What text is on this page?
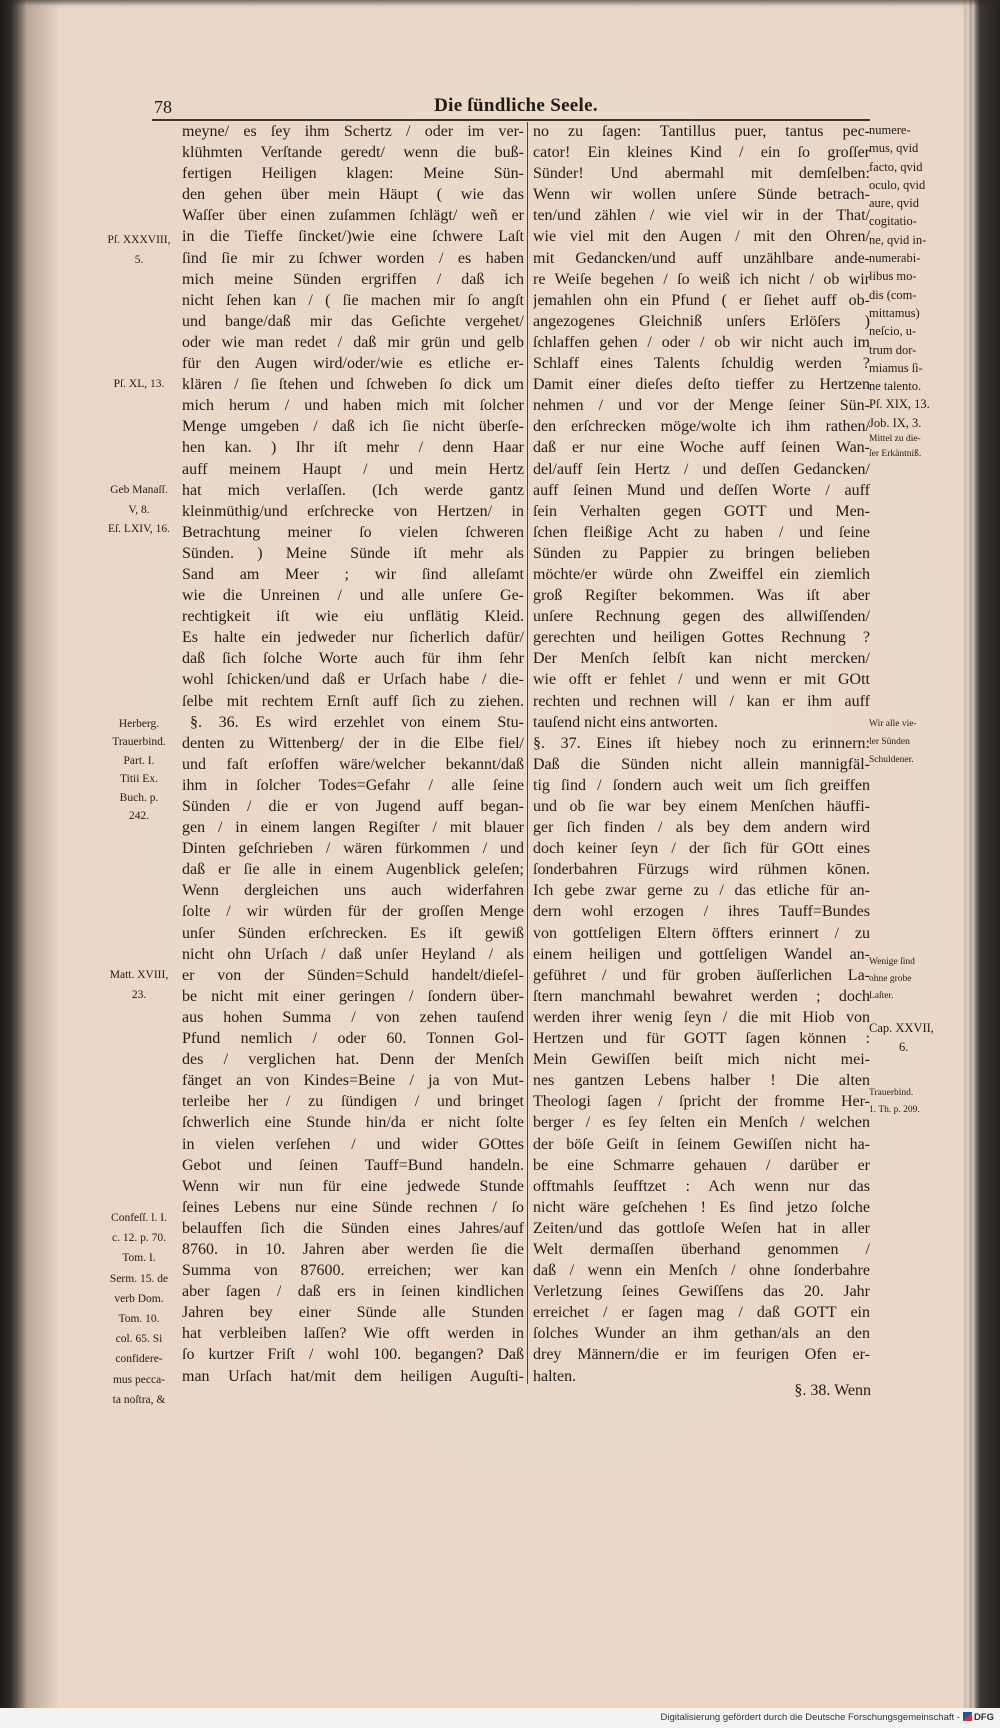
78	Die ſündliche Seele.
meyne/ es ſey ihm Schertz / oder im ver-
klühmten Verſtande geredt/ wenn die buß-
fertigen Heiligen klagen: Meine Sün-
den gehen über mein Häupt ( wie das
Waſſer über einen zuſammen ſchlägt/ weñ er
in die Tieffe ſincket/)wie eine ſchwere Laſt
ſind ſie mir zu ſchwer worden / es haben
mich meine Sünden ergriffen / daß ich
nicht ſehen kan / ( ſie machen mir ſo angſt
und bange/daß mir das Geſichte vergehet/
oder wie man redet / daß mir grün und gelb
für den Augen wird/oder/wie es etliche er-
klären / ſie ſtehen und ſchweben ſo dick um
mich herum / und haben mich mit ſolcher
Menge umgeben / daß ich ſie nicht überſe-
hen kan. ) Ihr iſt mehr / denn Haar
auff meinem Haupt / und mein Hertz
hat mich verlaſſen. (Ich werde gantz
kleinmüthig/und erſchrecke von Hertzen/ in
Betrachtung meiner ſo vielen ſchweren
Sünden. ) Meine Sünde iſt mehr als
Sand am Meer ; wir ſind alleſamt
wie die Unreinen / und alle unſere Ge-
rechtigkeit iſt wie eiu unflätig Kleid.
Es halte ein jedweder nur ſicherlich dafür/
daß ſich ſolche Worte auch für ihm ſehr
wohl ſchicken/und daß er Urſach habe / die-
ſelbe mit rechtem Ernſt auff ſich zu ziehen.
§. 36. Es wird erzehlet von einem Stu-
denten zu Wittenberg/ der in die Elbe fiel/
und faſt erſoffen wäre/welcher bekannt/daß
ihm in ſolcher Todes=Gefahr / alle ſeine
Sünden / die er von Jugend auff began-
gen / in einem langen Regiſter / mit blauer
Dinten geſchrieben / wären fürkommen / und
daß er ſie alle in einem Augenblick geleſen;
Wenn dergleichen uns auch widerfahren
ſolte / wir würden für der groſſen Menge
unſer Sünden erſchrecken. Es iſt gewiß
nicht ohn Urſach / daß unſer Heyland / als
er von der Sünden=Schuld handelt/dieſel-
be nicht mit einer geringen / ſondern über-
aus hohen Summa / von zehen tauſend
Pfund nemlich / oder 60. Tonnen Gol-
des / verglichen hat. Denn der Menſch
fänget an von Kindes=Beine / ja von Mut-
terleibe her / zu ſündigen / und bringet
ſchwerlich eine Stunde hin/da er nicht ſolte
in vielen verſehen / und wider GOttes
Gebot und ſeinen Tauff=Bund handeln.
Wenn wir nun für eine jedwede Stunde
ſeines Lebens nur eine Sünde rechnen / ſo
belauffen ſich die Sünden eines Jahres/auf
8760. in 10. Jahren aber werden ſie die
Summa von 87600. erreichen; wer kan
aber ſagen / daß ers in ſeinen kindlichen
Jahren bey einer Sünde alle Stunden
hat verbleiben laſſen? Wie offt werden in
ſo kurtzer Friſt / wohl 100. begangen? Daß
man Urſach hat/mit dem heiligen Auguſti-
no zu ſagen: Tantillus puer, tantus pec-
cator! Ein kleines Kind / ein ſo groſſer
Sünder! Und abermahl mit demſelben:
Wenn wir wollen unſere Sünde betrach-
ten/und zählen / wie viel wir in der That/
wie viel mit den Augen / mit den Ohren/
mit Gedancken/und auff unzählbare ande-
re Weiſe begehen / ſo weiß ich nicht / ob wir
jemahlen ohn ein Pfund ( er ſiehet auff ob-
angezogenes Gleichniß unſers Erlöſers )
ſchlaffen gehen / oder / ob wir nicht auch im
Schlaff eines Talents ſchuldig werden ?
Damit einer dieſes deſto tieffer zu Hertzen
nehmen / und vor der Menge ſeiner Sün-
den erſchrecken möge/wolte ich ihm rathen/
daß er nur eine Woche auff ſeinen Wan-
del/auff ſein Hertz / und deſſen Gedancken/
auff ſeinen Mund und deſſen Worte / auff
ſein Verhalten gegen GOTT und Men-
ſchen fleißige Acht zu haben / und ſeine
Sünden zu Pappier zu bringen belieben
möchte/er würde ohn Zweiffel ein ziemlich
groß Regiſter bekommen. Was iſt aber
unſere Rechnung gegen des allwiſſenden/
gerechten und heiligen Gottes Rechnung ?
Der Menſch ſelbſt kan nicht mercken/
wie offt er fehlet / und wenn er mit GOtt
rechten und rechnen will / kan er ihm auff
tauſend nicht eins antworten.
§. 37. Eines iſt hiebey noch zu erinnern:
Daß die Sünden nicht allein mannigfäl-
tig ſind / ſondern auch weit um ſich greiffen
und ob ſie war bey einem Menſchen häuffi-
ger ſich finden / als bey dem andern wird
doch keiner ſeyn / der ſich für GOtt eines
ſonderbahren Fürzugs wird rühmen kōnen.
Ich gebe zwar gerne zu / das etliche für an-
dern wohl erzogen / ihres Tauff=Bundes
von gottſeligen Eltern öffters erinnert / zu
einem heiligen und gottſeligen Wandel an-
geführet / und für groben äuſſerlichen La-
ſtern manchmahl bewahret werden ; doch
werden ihrer wenig ſeyn / die mit Hiob von
Hertzen und für GOTT ſagen können :
Mein Gewiſſen beiſt mich nicht mei-
nes gantzen Lebens halber ! Die alten
Theologi ſagen / ſpricht der fromme Her-
berger / es ſey ſelten ein Menſch / welchen
der böſe Geiſt in ſeinem Gewiſſen nicht ha-
be eine Schmarre gehauen / darüber er
offtmahls ſeufftzet : Ach wenn nur das
nicht wäre geſchehen ! Es ſind jetzo ſolche
Zeiten/und das gottloſe Weſen hat in aller
Welt dermaſſen überhand genommen /
daß / wenn ein Menſch / ohne ſonderbahre
Verletzung ſeines Gewiſſens das 20. Jahr
erreichet / er ſagen mag / daß GOTT ein
ſolches Wunder an ihm gethan/als an den
drey Männern/die er im feurigen Ofen er-
halten.
§. 38. Wenn
Pſ. XXXVIII,
5.
Pſ. XL, 13.
Geb Manaſſ.
V, 8.
Eſ. LXIV, 16.
Herberg.
Trauerbind.
Part. I.
Titii Ex.
Buch. p.
242.
Matt. XVIII,
23.
Confeſſ. l. I.
c. 12. p. 70.
Tom. I.
Serm. 15. de
verb Dom.
Tom. 10.
col. 65. Si
confidere-
mus pecca-
ta noſtra, &
numere-
mus, qvid
facto, qvid
oculo, qvid
aure, qvid
cogitatio-
ne, qvid in-
numerabi-
libus mo-
dis (com-
mittamus)
neſcio, u-
trum dor-
miamus ſi-
ne talento.
Pſ. XIX, 13.
Job. IX, 3.
Mittel zu die-
ſer Erkäntniß.
Wir alle vie-
ler Sünden
Schuldener.
Wenige ſind
ohne grobe
Laſter.
Cap. XXVII,
6.
Trauerbind.
1. Th. p. 209.
Digitalisierung gefördert durch die Deutsche Forschungsgemeinschaft - DFG
